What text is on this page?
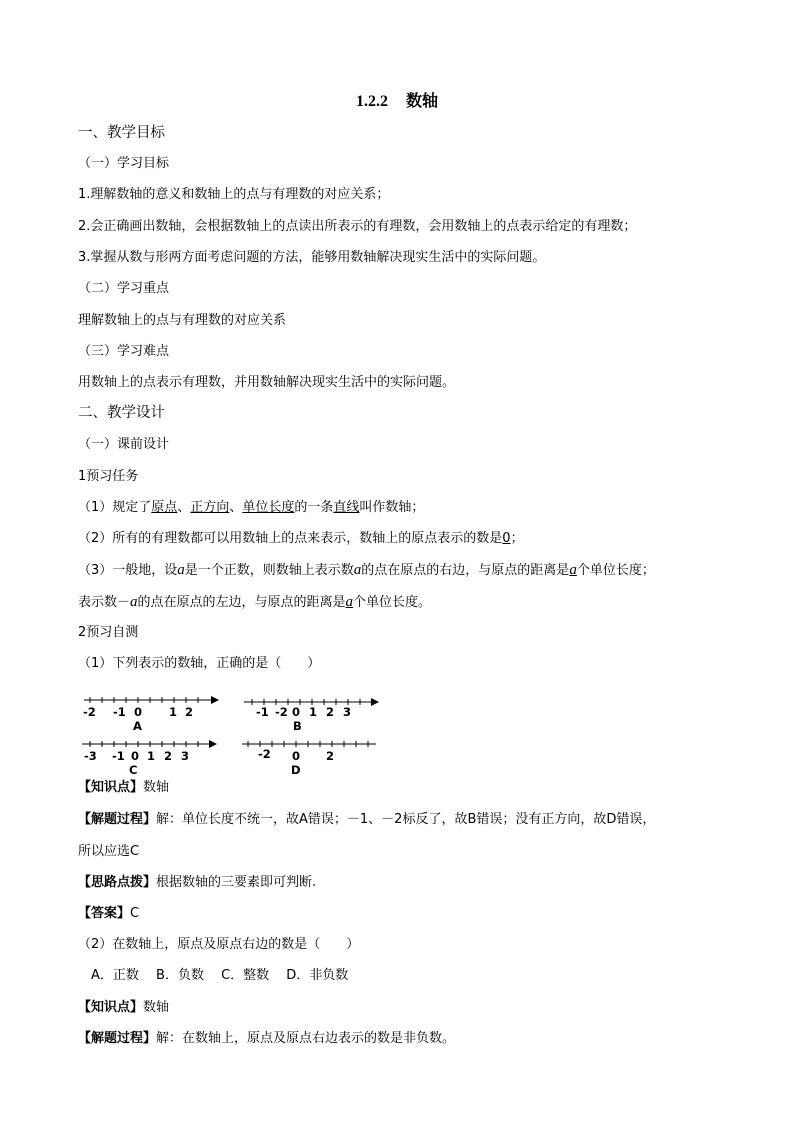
1.2.2 数轴
一、教学目标
（一）学习目标
1.理解数轴的意义和数轴上的点与有理数的对应关系；
2.会正确画出数轴，会根据数轴上的点读出所表示的有理数，会用数轴上的点表示给定的有理数；
3.掌握从数与形两方面考虑问题的方法，能够用数轴解决现实生活中的实际问题。
（二）学习重点
理解数轴上的点与有理数的对应关系
（三）学习难点
用数轴上的点表示有理数，并用数轴解决现实生活中的实际问题。
二、教学设计
（一）课前设计
1预习任务
（1）规定了原点、正方向、单位长度的一条直线叫作数轴；
（2）所有的有理数都可以用数轴上的点来表示，数轴上的原点表示的数是0；
（3）一般地，设a是一个正数，则数轴上表示数a的点在原点的右边，与原点的距离是a个单位长度；
表示数－a的点在原点的左边，与原点的距离是a个单位长度。
2预习自测
（1）下列表示的数轴，正确的是（　　）
-2 -1 0 1 2
A
-1 -2 0 1 2 3
B
-3 -1 0 1 2 3
C
-2 0 2
D
【知识点】数轴
【解题过程】解：单位长度不统一，故A错误；－1、－2标反了，故B错误；没有正方向，故D错误，
所以应选C
【思路点拨】根据数轴的三要素即可判断.
【答案】C
（2）在数轴上，原点及原点右边的数是（　　）
　A．正数　 B．负数　 C．整数　 D．非负数
【知识点】数轴
【解题过程】解：在数轴上，原点及原点右边表示的数是非负数。
